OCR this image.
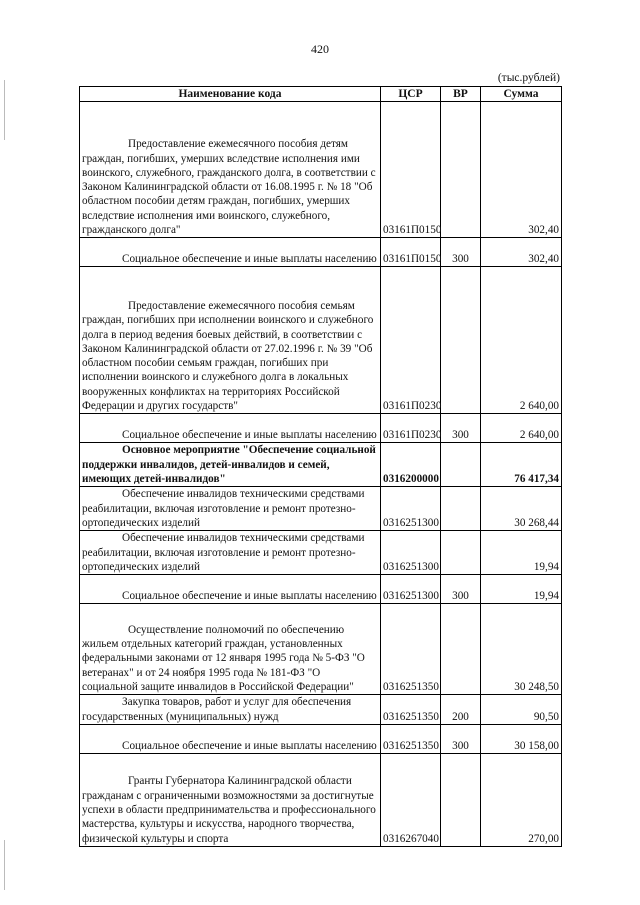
420
(тыс.рублей)
Наименование кода	ЦСР	ВР	Сумма
Предоставление ежемесячного пособия детям граждан, погибших, умерших вследствие исполнения ими воинского, служебного, гражданского долга, в соответствии с Законом Калининградской области от 16.08.1995 г. № 18 "Об областном пособии детям граждан, погибших, умерших вследствие исполнения ими воинского, служебного, гражданского долга"	03161П0150		302,40
Социальное обеспечение и иные выплаты населению	03161П0150	300	302,40
Предоставление ежемесячного пособия семьям граждан, погибших при исполнении воинского и служебного долга в период ведения боевых действий, в соответствии с Законом Калининградской области от 27.02.1996 г. № 39 "Об областном пособии семьям граждан, погибших при исполнении воинского и служебного долга в локальных вооруженных конфликтах на территориях Российской Федерации и других государств"	03161П0230		2 640,00
Социальное обеспечение и иные выплаты населению	03161П0230	300	2 640,00
Основное мероприятие "Обеспечение социальной поддержки инвалидов, детей-инвалидов и семей, имеющих детей-инвалидов"	0316200000		76 417,34
Обеспечение инвалидов техническими средствами реабилитации, включая изготовление и ремонт протезно-ортопедических изделий	0316251300		30 268,44
Обеспечение инвалидов техническими средствами реабилитации, включая изготовление и ремонт протезно-ортопедических изделий	0316251300		19,94
Социальное обеспечение и иные выплаты населению	0316251300	300	19,94
Осуществление полномочий по обеспечению жильем отдельных категорий граждан, установленных федеральными законами от 12 января 1995 года № 5-ФЗ "О ветеранах" и от 24 ноября 1995 года № 181-ФЗ "О социальной защите инвалидов в Российской Федерации"	0316251350		30 248,50
Закупка товаров, работ и услуг для обеспечения государственных (муниципальных) нужд	0316251350	200	90,50
Социальное обеспечение и иные выплаты населению	0316251350	300	30 158,00
Гранты Губернатора Калининградской области гражданам с ограниченными возможностями за достигнутые успехи в области предпринимательства и профессионального мастерства, культуры и искусства, народного творчества, физической культуры и спорта	0316267040		270,00
